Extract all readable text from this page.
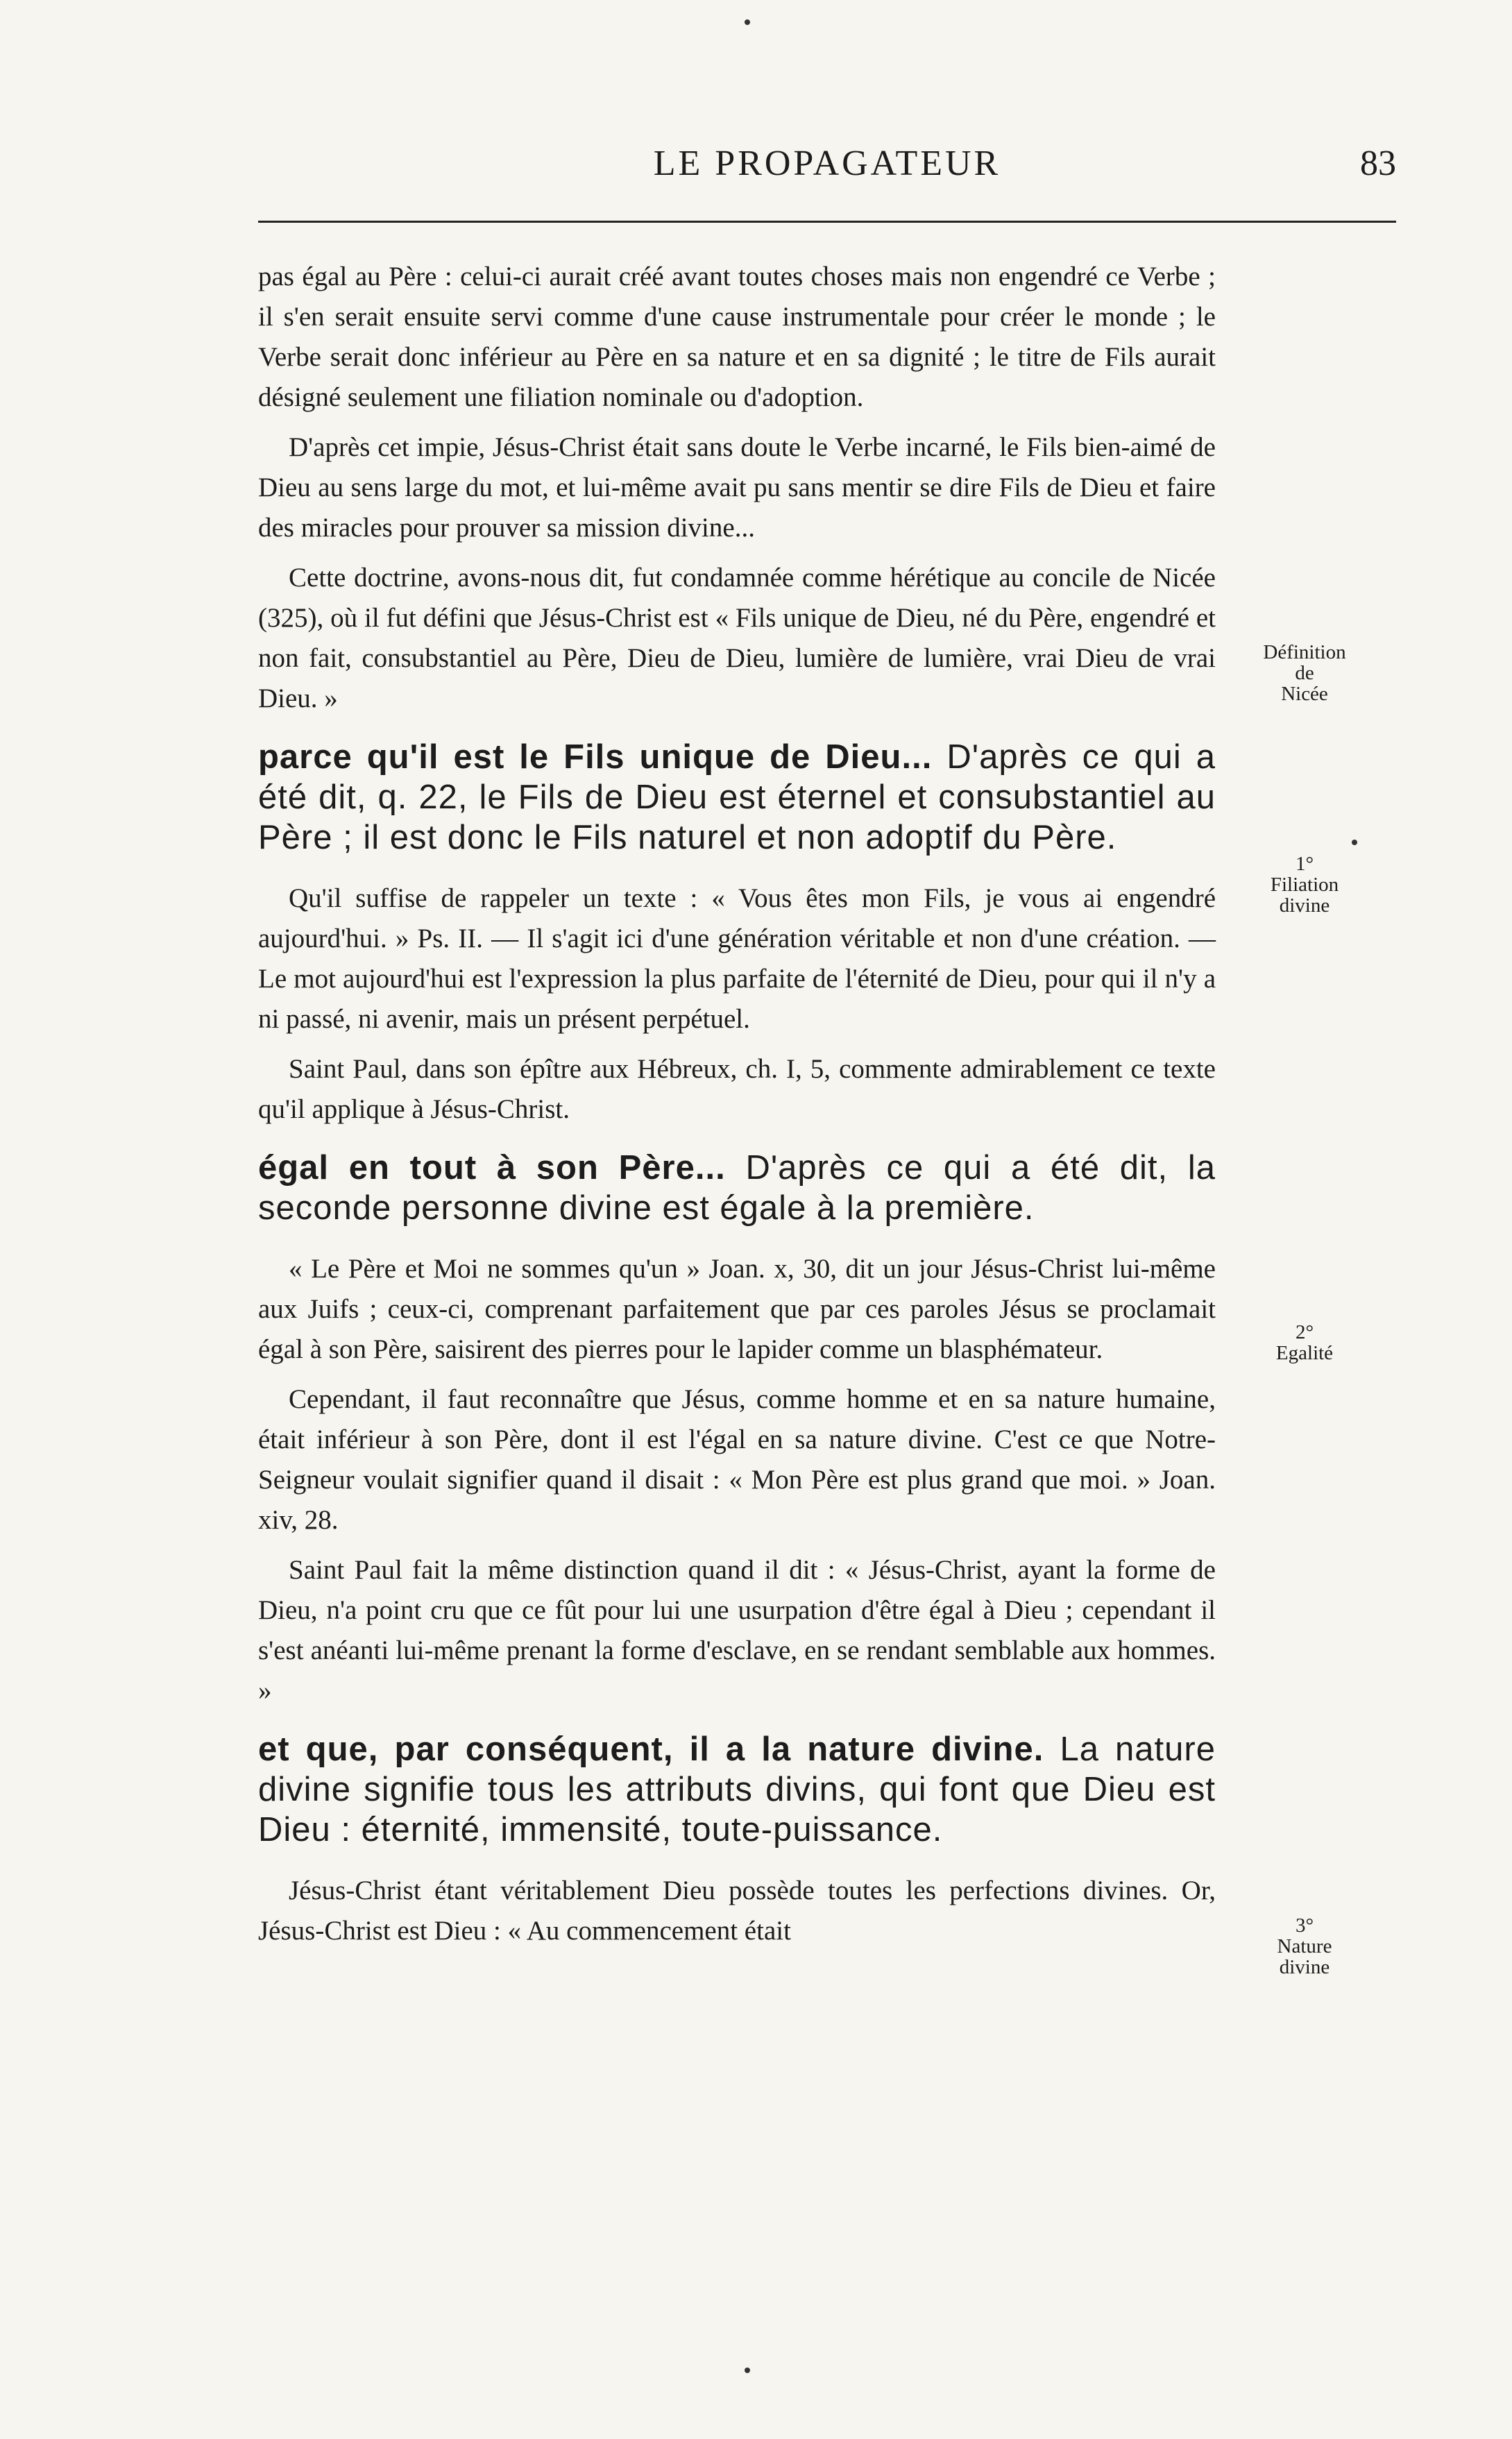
LE PROPAGATEUR	83

pas égal au Père : celui-ci aurait créé avant toutes choses mais non engendré ce Verbe ; il s'en serait ensuite servi comme d'une cause instrumentale pour créer le monde ; le Verbe serait donc inférieur au Père en sa nature et en sa dignité ; le titre de Fils aurait désigné seulement une filiation nominale ou d'adoption.

D'après cet impie, Jésus-Christ était sans doute le Verbe incarné, le Fils bien-aimé de Dieu au sens large du mot, et lui-même avait pu sans mentir se dire Fils de Dieu et faire des miracles pour prouver sa mission divine...

Cette doctrine, avons-nous dit, fut condamnée comme hérétique au concile de Nicée (325), où il fut défini que Jésus-Christ est « Fils unique de Dieu, né du Père, engendré et non fait, consubstantiel au Père, Dieu de Dieu, lumière de lumière, vrai Dieu de vrai Dieu. »

parce qu'il est le Fils unique de Dieu... D'après ce qui a été dit, q. 22, le Fils de Dieu est éternel et consubstantiel au Père ; il est donc le Fils naturel et non adoptif du Père.

Qu'il suffise de rappeler un texte : « Vous êtes mon Fils, je vous ai engendré aujourd'hui. » Ps. II. — Il s'agit ici d'une génération véritable et non d'une création. — Le mot aujourd'hui est l'expression la plus parfaite de l'éternité de Dieu, pour qui il n'y a ni passé, ni avenir, mais un présent perpétuel.

Saint Paul, dans son épître aux Hébreux, ch. I, 5, commente admirablement ce texte qu'il applique à Jésus-Christ.

égal en tout à son Père... D'après ce qui a été dit, la seconde personne divine est égale à la première.

« Le Père et Moi ne sommes qu'un » Joan. x, 30, dit un jour Jésus-Christ lui-même aux Juifs ; ceux-ci, comprenant parfaitement que par ces paroles Jésus se proclamait égal à son Père, saisirent des pierres pour le lapider comme un blasphémateur.

Cependant, il faut reconnaître que Jésus, comme homme et en sa nature humaine, était inférieur à son Père, dont il est l'égal en sa nature divine. C'est ce que Notre-Seigneur voulait signifier quand il disait : « Mon Père est plus grand que moi. » Joan. xiv, 28.

Saint Paul fait la même distinction quand il dit : « Jésus-Christ, ayant la forme de Dieu, n'a point cru que ce fût pour lui une usurpation d'être égal à Dieu ; cependant il s'est anéanti lui-même prenant la forme d'esclave, en se rendant semblable aux hommes. »

et que, par conséquent, il a la nature divine. La nature divine signifie tous les attributs divins, qui font que Dieu est Dieu : éternité, immensité, toute-puissance.

Jésus-Christ étant véritablement Dieu possède toutes les perfections divines. Or, Jésus-Christ est Dieu : « Au commencement était

Définition
de
Nicée
1°
Filiation
divine
2°
Egalité
3°
Nature
divine
